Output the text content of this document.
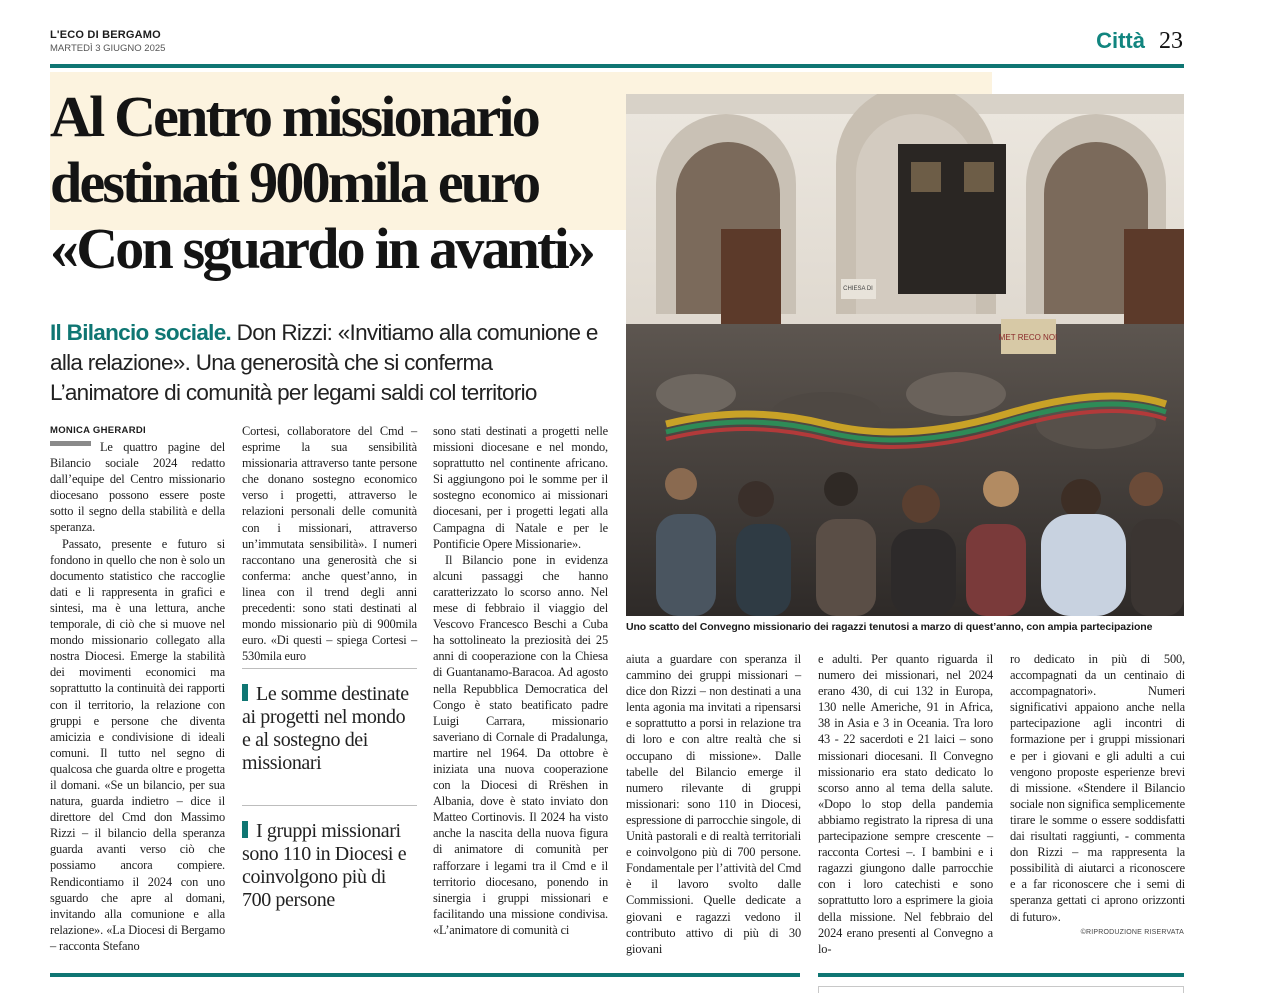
L'ECO DI BERGAMO
MARTEDÌ 3 GIUGNO 2025	Città 23
Al Centro missionario
destinati 900mila euro
«Con sguardo in avanti»

Il Bilancio sociale. Don Rizzi: «Invitiamo alla comunione e alla relazione». Una generosità che si conferma
L’animatore di comunità per legami saldi col territorio

CHIESA DI
MET RECO NOI
Uno scatto del Convegno missionario dei ragazzi tenutosi a marzo di quest’anno, con ampia partecipazione
MONICA GHERARDI

Le quattro pagine del Bilancio sociale 2024 redatto dall’equipe del Centro missionario diocesano possono essere poste sotto il segno della stabilità e della speranza.

Passato, presente e futuro si fondono in quello che non è solo un documento statistico che raccoglie dati e li rappresenta in grafici e sintesi, ma è una lettura, anche temporale, di ciò che si muove nel mondo missionario collegato alla nostra Diocesi. Emerge la stabilità dei movimenti economici ma soprattutto la continuità dei rapporti con il territorio, la relazione con gruppi e persone che diventa amicizia e condivisione di ideali comuni. Il tutto nel segno di qualcosa che guarda oltre e progetta il domani. «Se un bilancio, per sua natura, guarda indietro – dice il direttore del Cmd don Massimo Rizzi – il bilancio della speranza guarda avanti verso ciò che possiamo ancora compiere. Rendicontiamo il 2024 con uno sguardo che apre al domani, invitando alla comunione e alla relazione». «La Diocesi di Bergamo – racconta Stefano

Cortesi, collaboratore del Cmd – esprime la sua sensibilità missionaria attraverso tante persone che donano sostegno economico verso i progetti, attraverso le relazioni personali delle comunità con i missionari, attraverso un’immutata sensibilità». I numeri raccontano una generosità che si conferma: anche quest’anno, in linea con il trend degli anni precedenti: sono stati destinati al mondo missionario più di 900mila euro. «Di questi – spiega Cortesi – 530mila euro

Le somme destinate ai progetti nel mondo e al sostegno dei missionari
I gruppi missionari sono 110 in Diocesi e coinvolgono più di 700 persone

sono stati destinati a progetti nelle missioni diocesane e nel mondo, soprattutto nel continente africano. Si aggiungono poi le somme per il sostegno economico ai missionari diocesani, per i progetti legati alla Campagna di Natale e per le Pontificie Opere Missionarie».

Il Bilancio pone in evidenza alcuni passaggi che hanno caratterizzato lo scorso anno. Nel mese di febbraio il viaggio del Vescovo Francesco Beschi a Cuba ha sottolineato la preziosità dei 25 anni di cooperazione con la Chiesa di Guantanamo-Baracoa. Ad agosto nella Repubblica Democratica del Congo è stato beatificato padre Luigi Carrara, missionario saveriano di Cornale di Pradalunga, martire nel 1964. Da ottobre è iniziata una nuova cooperazione con la Diocesi di Rrëshen in Albania, dove è stato inviato don Matteo Cortinovis. Il 2024 ha visto anche la nascita della nuova figura di animatore di comunità per rafforzare i legami tra il Cmd e il territorio diocesano, ponendo in sinergia i gruppi missionari e facilitando una missione condivisa. «L’animatore di comunità ci

aiuta a guardare con speranza il cammino dei gruppi missionari – dice don Rizzi – non destinati a una lenta agonia ma invitati a ripensarsi e soprattutto a porsi in relazione tra di loro e con altre realtà che si occupano di missione». Dalle tabelle del Bilancio emerge il numero rilevante di gruppi missionari: sono 110 in Diocesi, espressione di parrocchie singole, di Unità pastorali e di realtà territoriali e coinvolgono più di 700 persone. Fondamentale per l’attività del Cmd è il lavoro svolto dalle Commissioni. Quelle dedicate a giovani e ragazzi vedono il contributo attivo di più di 30 giovani

e adulti. Per quanto riguarda il numero dei missionari, nel 2024 erano 430, di cui 132 in Europa, 130 nelle Americhe, 91 in Africa, 38 in Asia e 3 in Oceania. Tra loro 43 - 22 sacerdoti e 21 laici – sono missionari diocesani. Il Convegno missionario era stato dedicato lo scorso anno al tema della salute. «Dopo lo stop della pandemia abbiamo registrato la ripresa di una partecipazione sempre crescente – racconta Cortesi –. I bambini e i ragazzi giungono dalle parrocchie con i loro catechisti e sono soprattutto loro a esprimere la gioia della missione. Nel febbraio del 2024 erano presenti al Convegno a lo-

ro dedicato in più di 500, accompagnati da un centinaio di accompagnatori». Numeri significativi appaiono anche nella partecipazione agli incontri di formazione per i gruppi missionari e per i giovani e gli adulti a cui vengono proposte esperienze brevi di missione. «Stendere il Bilancio sociale non significa semplicemente tirare le somme o essere soddisfatti dai risultati raggiunti, - commenta don Rizzi – ma rappresenta la possibilità di aiutarci a riconoscere e a far riconoscere che i semi di speranza gettati ci aprono orizzonti di futuro».

©RIPRODUZIONE RISERVATA
